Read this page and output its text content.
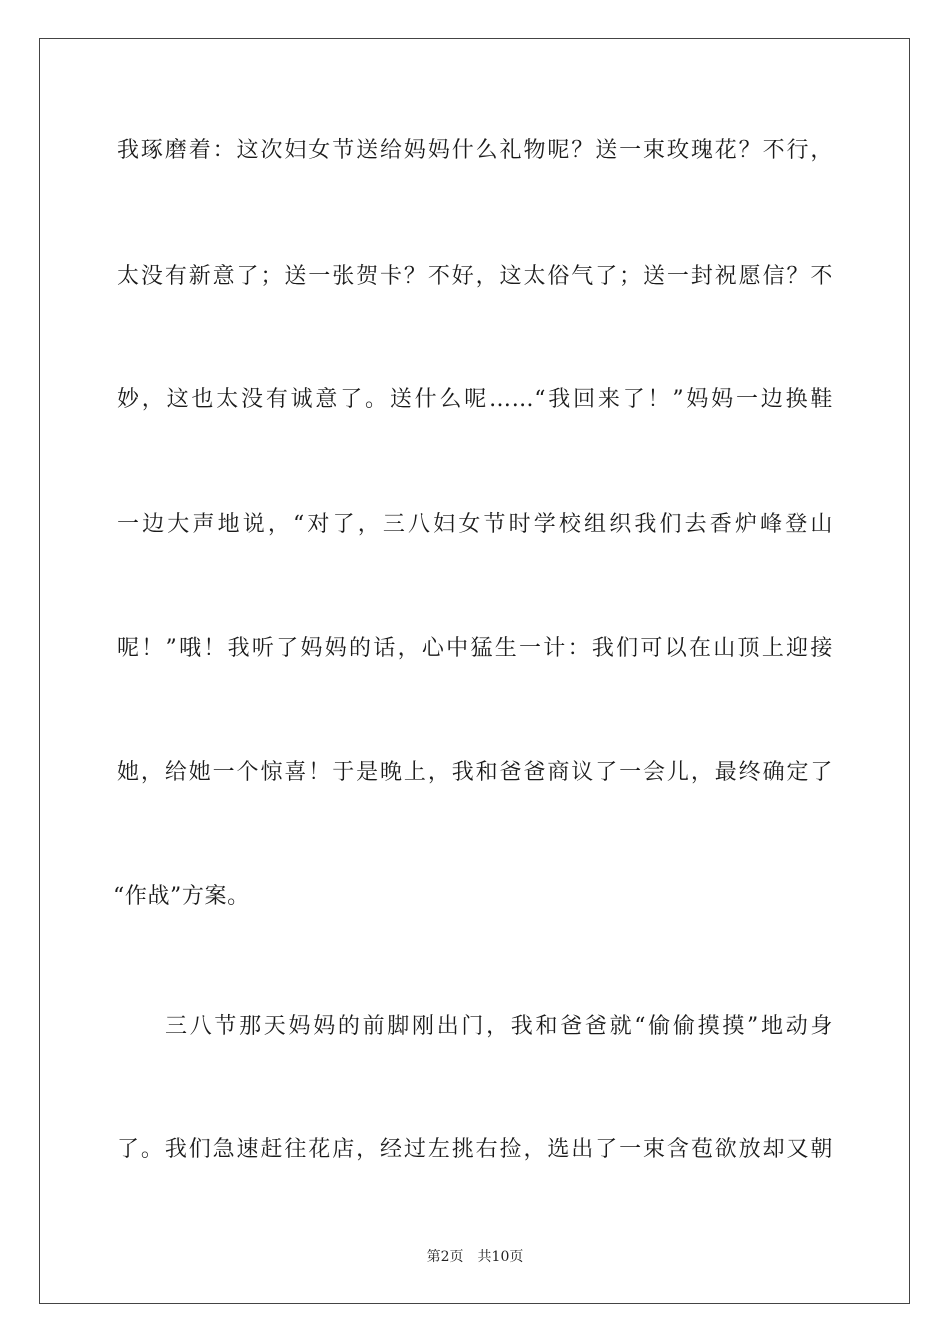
我琢磨着：这次妇女节送给妈妈什么礼物呢？送一束玫瑰花？不行，
太没有新意了；送一张贺卡？不好，这太俗气了；送一封祝愿信？不
妙，这也太没有诚意了。送什么呢……“我回来了！”妈妈一边换鞋
一边大声地说，“对了，三八妇女节时学校组织我们去香炉峰登山
呢！”哦！我听了妈妈的话，心中猛生一计：我们可以在山顶上迎接
她，给她一个惊喜！于是晚上，我和爸爸商议了一会儿，最终确定了
“作战”方案。
三八节那天妈妈的前脚刚出门，我和爸爸就“偷偷摸摸”地动身
了。我们急速赶往花店，经过左挑右捡，选出了一束含苞欲放却又朝
第2页 共10页
